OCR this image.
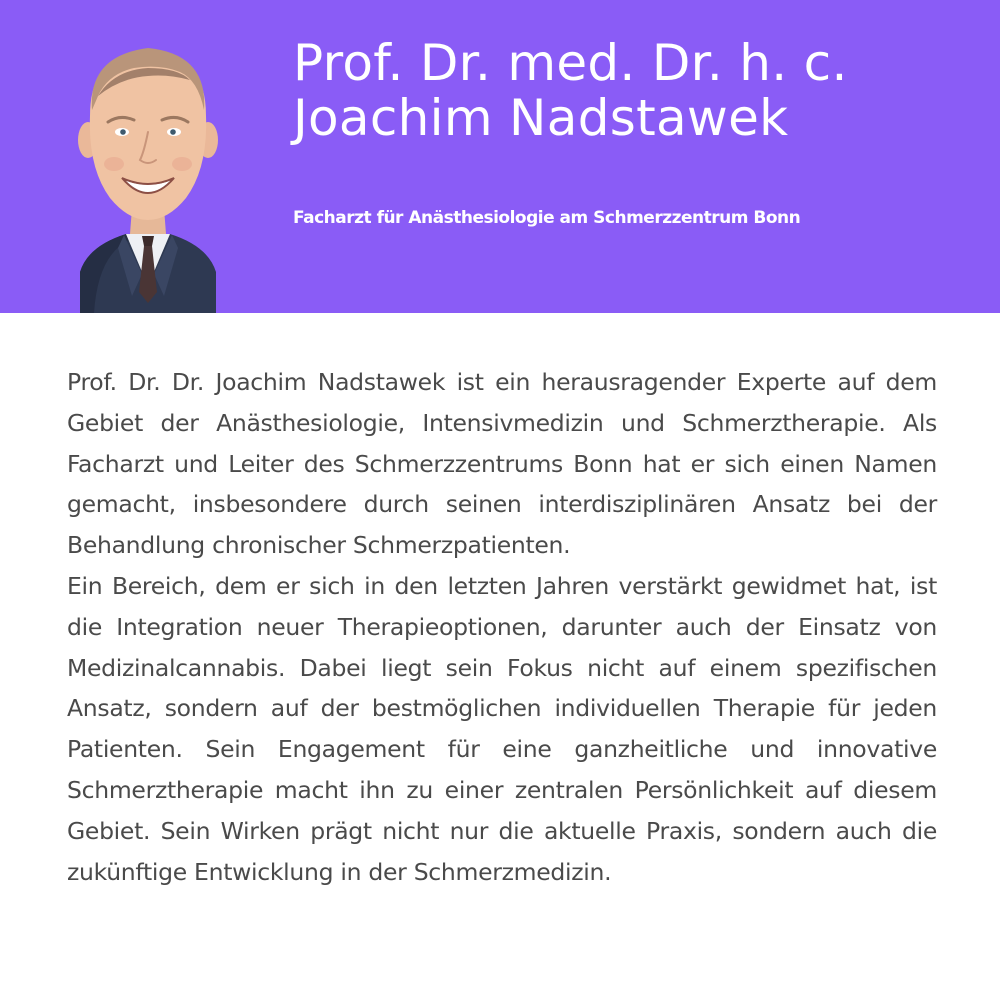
Prof. Dr. med. Dr. h. c.
Joachim Nadstawek

Facharzt für Anästhesiologie am Schmerzzentrum Bonn

Prof. Dr. Dr. Joachim Nadstawek ist ein herausragender Experte auf dem Gebiet der Anästhesiologie, Intensivmedizin und Schmerztherapie. Als Facharzt und Leiter des Schmerzzentrums Bonn hat er sich einen Namen gemacht, insbesondere durch seinen interdisziplinären Ansatz bei der Behandlung chronischer Schmerzpatienten.

Ein Bereich, dem er sich in den letzten Jahren verstärkt gewidmet hat, ist die Integration neuer Therapieoptionen, darunter auch der Einsatz von Medizinalcannabis. Dabei liegt sein Fokus nicht auf einem spezifischen Ansatz, sondern auf der bestmöglichen individuellen Therapie für jeden Patienten. Sein Engagement für eine ganzheitliche und innovative Schmerztherapie macht ihn zu einer zentralen Persönlichkeit auf diesem Gebiet. Sein Wirken prägt nicht nur die aktuelle Praxis, sondern auch die zukünftige Entwicklung in der Schmerzmedizin.
